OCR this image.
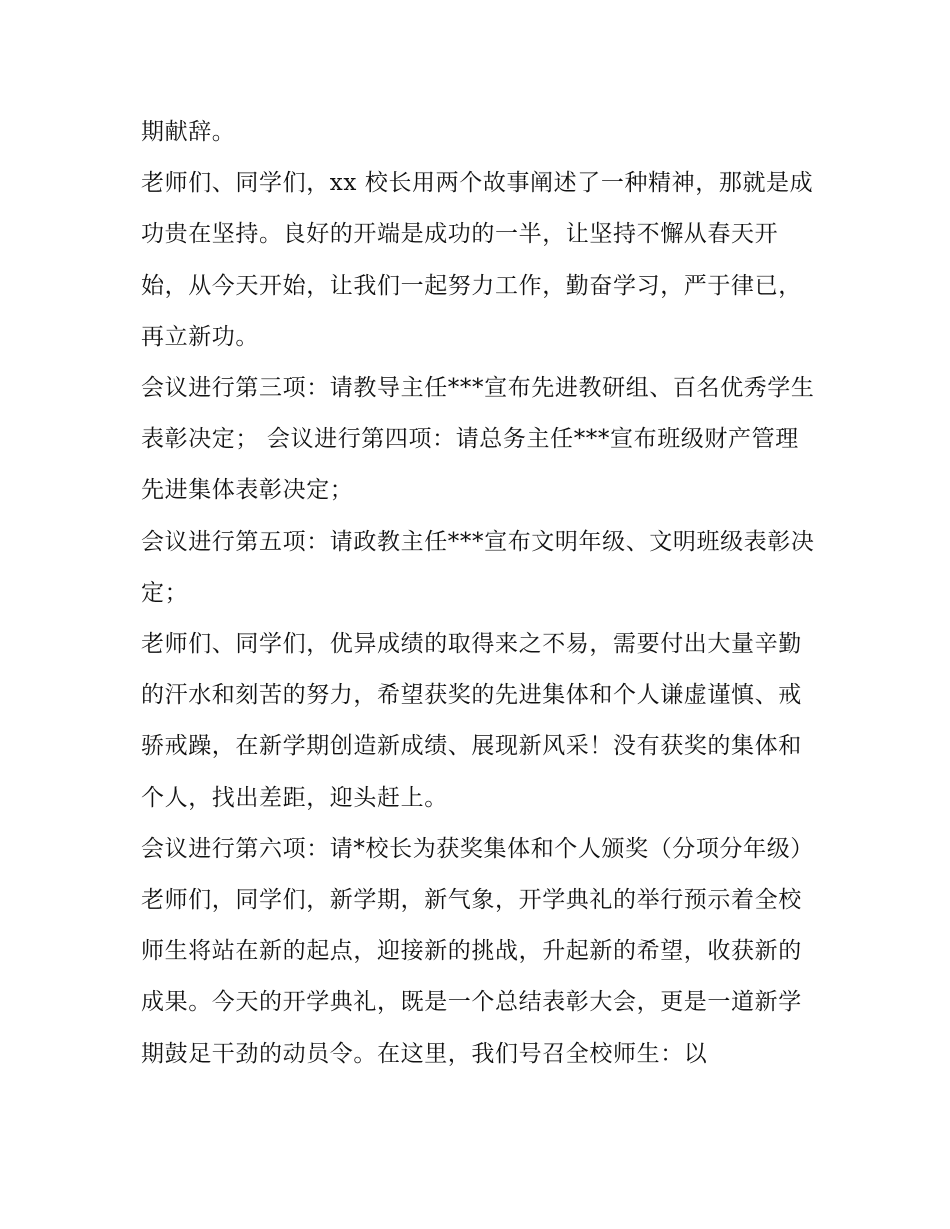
期献辞。

老师们、同学们，xx 校长用两个故事阐述了一种精神，那就是成功贵在坚持。良好的开端是成功的一半，让坚持不懈从春天开始，从今天开始，让我们一起努力工作，勤奋学习，严于律已，再立新功。

会议进行第三项：请教导主任***宣布先进教研组、百名优秀学生表彰决定； 会议进行第四项：请总务主任***宣布班级财产管理先进集体表彰决定；

会议进行第五项：请政教主任***宣布文明年级、文明班级表彰决定；

老师们、同学们，优异成绩的取得来之不易，需要付出大量辛勤的汗水和刻苦的努力，希望获奖的先进集体和个人谦虚谨慎、戒骄戒躁，在新学期创造新成绩、展现新风采！没有获奖的集体和个人，找出差距，迎头赶上。

会议进行第六项：请*校长为获奖集体和个人颁奖（分项分年级）

老师们，同学们，新学期，新气象，开学典礼的举行预示着全校师生将站在新的起点，迎接新的挑战，升起新的希望，收获新的成果。今天的开学典礼，既是一个总结表彰大会，更是一道新学期鼓足干劲的动员令。在这里，我们号召全校师生：以
